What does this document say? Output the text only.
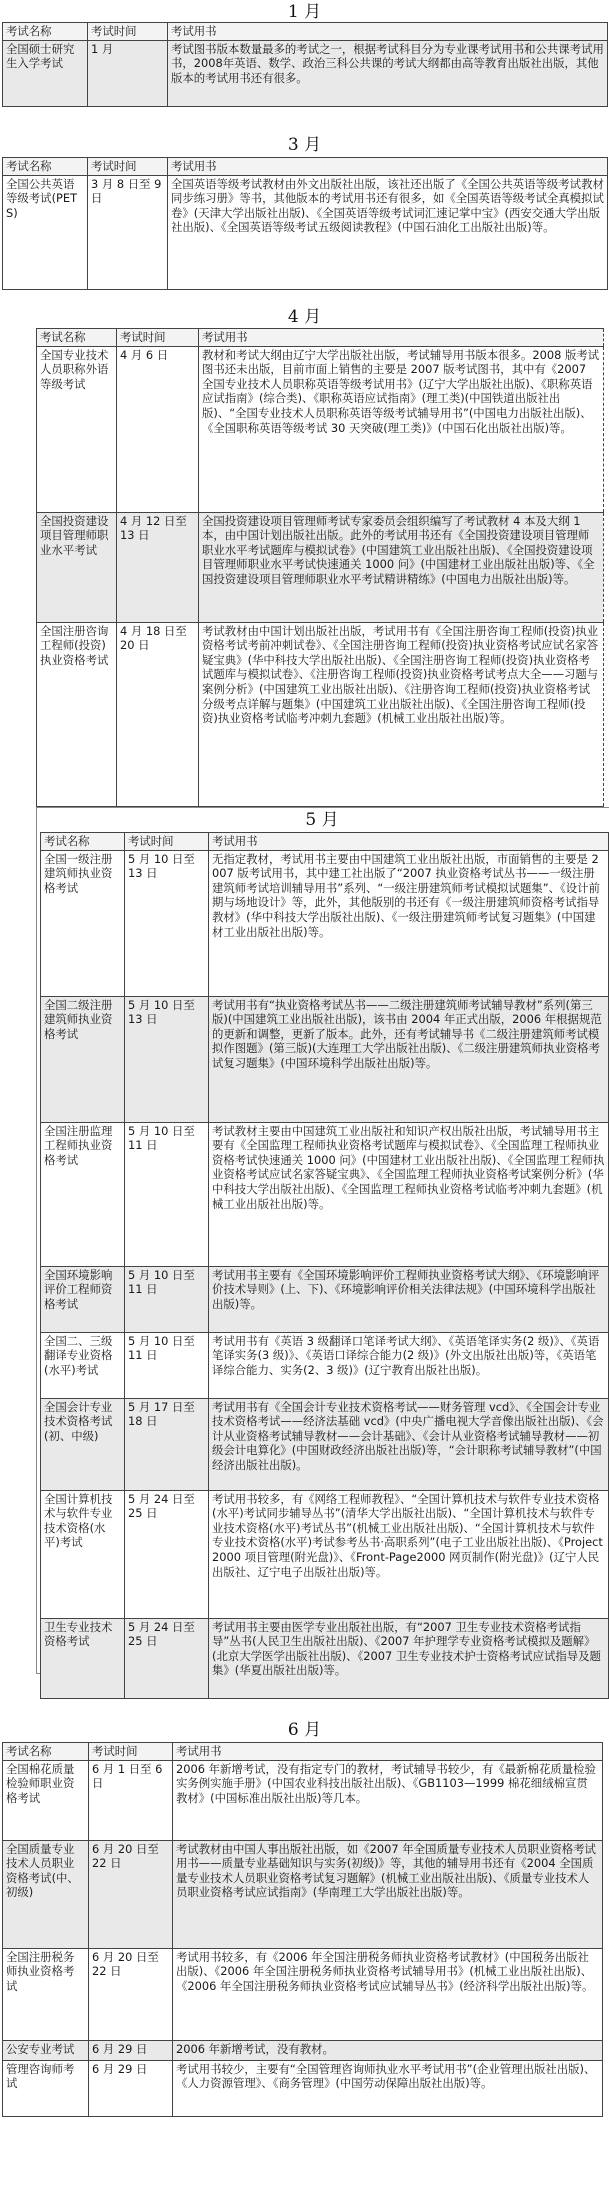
1 月
考试名称	考试时间	考试用书
全国硕士研究生入学考试	1 月	考试图书版本数量最多的考试之一，根据考试科目分为专业课考试用书和公共课考试用书，2008年英语、数学、政治三科公共课的考试大纲都由高等教育出版社出版，其他版本的考试用书还有很多。
3 月
考试名称	考试时间	考试用书
全国公共英语等级考试(PETS)	3 月 8 日至 9 日	全国英语等级考试教材由外文出版社出版，该社还出版了《全国公共英语等级考试教材同步练习册》等书，其他版本的考试用书还有很多，如《全国英语等级考试全真模拟试卷》(天津大学出版社出版)、《全国英语等级考试词汇速记掌中宝》(西安交通大学出版社出版)、《全国英语等级考试五级阅读教程》(中国石油化工出版社出版)等。
4 月
考试名称	考试时间	考试用书
全国专业技术人员职称外语等级考试	4 月 6 日	教材和考试大纲由辽宁大学出版社出版，考试辅导用书版本很多。2008 版考试图书还未出版，目前市面上销售的主要是 2007 版考试图书，其中有《2007 全国专业技术人员职称英语等级考试用书》(辽宁大学出版社出版)、《职称英语应试指南》(综合类)、《职称英语应试指南》(理工类)(中国铁道出版社出版)、“全国专业技术人员职称英语等级考试辅导用书”(中国电力出版社出版)、《全国职称英语等级考试 30 天突破(理工类)》(中国石化出版社出版)等。
全国投资建设项目管理师职业水平考试	4 月 12 日至 13 日	全国投资建设项目管理师考试专家委员会组织编写了考试教材 4 本及大纲 1 本，由中国计划出版社出版。此外的考试用书还有《全国投资建设项目管理师职业水平考试题库与模拟试卷》(中国建筑工业出版社出版)、《全国投资建设项目管理师职业水平考试快速通关 1000 问》(中国建材工业出版社出版)等、《全国投资建设项目管理师职业水平考试精讲精练》(中国电力出版社出版)等。
全国注册咨询工程师(投资)执业资格考试	4 月 18 日至 20 日	考试教材由中国计划出版社出版，考试用书有《全国注册咨询工程师(投资)执业资格考试考前冲刺试卷》、《全国注册咨询工程师(投资)执业资格考试应试名家答疑宝典》(华中科技大学出版社出版)、《全国注册咨询工程师(投资)执业资格考试题库与模拟试卷》、《注册咨询工程师(投资)执业资格考试考点大全——习题与案例分析》(中国建筑工业出版社出版)、《注册咨询工程师(投资)执业资格考试分级考点详解与题集》(中国建筑工业出版社出版)、《全国注册咨询工程师(投资)执业资格考试临考冲刺九套题》(机械工业出版社出版)等。
5 月
考试名称	考试时间	考试用书
全国一级注册建筑师执业资格考试	5 月 10 日至 13 日	无指定教材，考试用书主要由中国建筑工业出版社出版，市面销售的主要是 2007 版考试用书，其中建工社出版了“2007 执业资格考试丛书——一级注册建筑师考试培训辅导用书”系列、“一级注册建筑师考试模拟试题集”、《设计前期与场地设计》等，此外，其他版别的书还有《一级注册建筑师资格考试指导教材》(华中科技大学出版社出版)、《一级注册建筑师考试复习题集》(中国建材工业出版社出版)等。
全国二级注册建筑师执业资格考试	5 月 10 日至 13 日	考试用书有“执业资格考试丛书——二级注册建筑师考试辅导教材”系列(第三版)(中国建筑工业出版社出版)，该书由 2004 年正式出版，2006 年根据规范的更新和调整，更新了版本。此外，还有考试辅导书《二级注册建筑师考试模拟作图题》(第三版)(大连理工大学出版社出版)、《二级注册建筑师执业资格考试复习题集》(中国环境科学出版社出版)等。
全国注册监理工程师执业资格考试	5 月 10 日至 11 日	考试教材主要由中国建筑工业出版社和知识产权出版社出版，考试辅导用书主要有《全国监理工程师执业资格考试题库与模拟试卷》、《全国监理工程师执业资格考试快速通关 1000 问》(中国建材工业出版社出版)、《全国监理工程师执业资格考试应试名家答疑宝典》、《全国监理工程师执业资格考试案例分析》(华中科技大学出版社出版)、《全国监理工程师执业资格考试临考冲刺九套题》(机械工业出版社出版)等。
全国环境影响评价工程师资格考试	5 月 10 日至 11 日	考试用书主要有《全国环境影响评价工程师执业资格考试大纲》、《环境影响评价技术导则》(上、下)、《环境影响评价相关法律法规》(中国环境科学出版社出版)等。
全国二、三级翻译专业资格(水平)考试	5 月 10 日至 11 日	考试用书有《英语 3 级翻译口笔译考试大纲》、《英语笔译实务(2 级)》、《英语笔译实务(3 级)》、《英语口译综合能力(2 级)》(外文出版社出版)等，《英语笔译综合能力、实务(2、3 级)》(辽宁教育出版社出版)。
全国会计专业技术资格考试(初、中级)	5 月 17 日至 18 日	考试用书有《全国会计专业技术资格考试——财务管理 vcd》、《全国会计专业技术资格考试——经济法基础 vcd》(中央广播电视大学音像出版社出版)、《会计从业资格考试辅导教材——会计基础》、《会计从业资格考试辅导教材——初级会计电算化》(中国财政经济出版社出版)等，“会计职称考试辅导教材”(中国经济出版社出版)。
全国计算机技术与软件专业技术资格(水平)考试	5 月 24 日至 25 日	考试用书较多，有《网络工程师教程》、“全国计算机技术与软件专业技术资格(水平)考试同步辅导丛书”(清华大学出版社出版)、“全国计算机技术与软件专业技术资格(水平)考试丛书”(机械工业出版社出版)、“全国计算机技术与软件专业技术资格(水平)考试参考丛书·高职系列”(电子工业出版社出版)、《Project2000 项目管理(附光盘)》、《Front-Page2000 网页制作(附光盘)》(辽宁人民出版社、辽宁电子出版社出版)等。
卫生专业技术资格考试	5 月 24 日至 25 日	考试用书主要由医学专业出版社出版，有“2007 卫生专业技术资格考试指导”丛书(人民卫生出版社出版)、《2007 年护理学专业资格考试模拟及题解》(北京大学医学出版社出版)、《2007 卫生专业技术护士资格考试应试指导及题集》(华夏出版社出版)等。
6 月
考试名称	考试时间	考试用书
全国棉花质量检验师职业资格考试	6 月 1 日至 6 日	2006 年新增考试，没有指定专门的教材，考试辅导书较少，有《最新棉花质量检验实务例实施手册》(中国农业科技出版社出版)、《GB1103—1999 棉花细绒棉宣贯教材》(中国标准出版社出版)等几本。
全国质量专业技术人员职业资格考试(中、初级)	6 月 20 日至 22 日	考试教材由中国人事出版社出版，如《2007 年全国质量专业技术人员职业资格考试用书——质量专业基础知识与实务(初级)》等，其他的辅导用书还有《2004 全国质量专业技术人员职业资格考试复习题解》(机械工业出版社出版)、《质量专业技术人员职业资格考试应试指南》(华南理工大学出版社出版)等。
全国注册税务师执业资格考试	6 月 20 日至 22 日	考试用书较多，有《2006 年全国注册税务师执业资格考试教材》(中国税务出版社出版)、《2006 年全国注册税务师执业资格考试辅导用书》(机械工业出版社出版)、《2006 年全国注册税务师执业资格考试应试辅导丛书》(经济科学出版社出版)等。
公安专业考试	6 月 29 日	2006 年新增考试，没有教材。
管理咨询师考试	6 月 29 日	考试用书较少，主要有“全国管理咨询师执业水平考试用书”(企业管理出版社出版)、《人力资源管理》、《商务管理》(中国劳动保障出版社出版)等。
